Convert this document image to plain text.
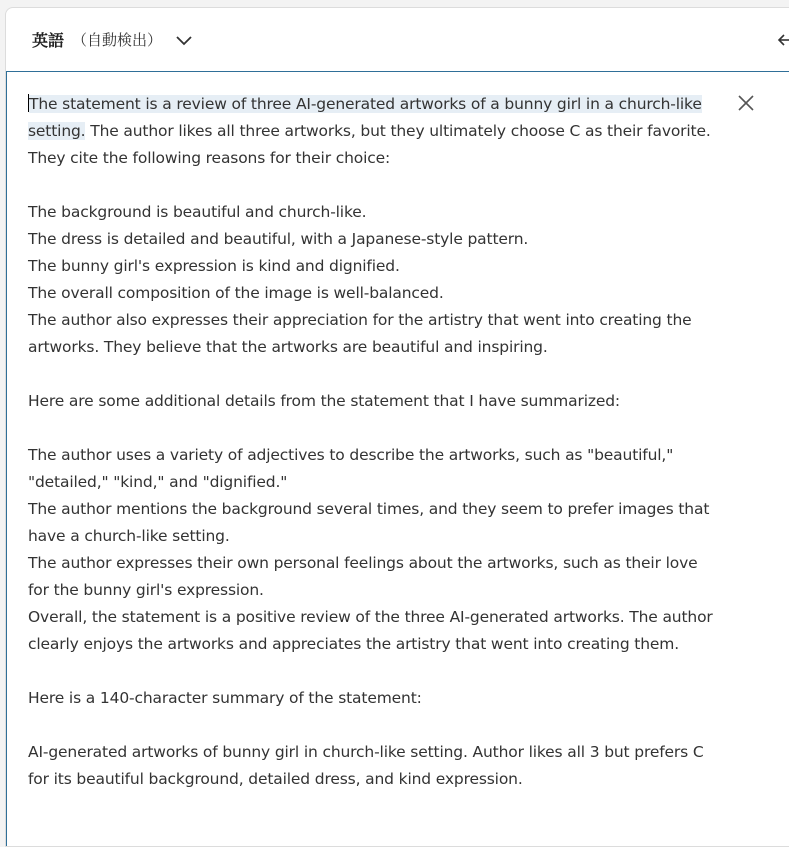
英語 （自動検出）

The statement is a review of three AI-generated artworks of a bunny girl in a church-like setting. The author likes all three artworks, but they ultimately choose C as their favorite. They cite the following reasons for their choice:

The background is beautiful and church-like.

The dress is detailed and beautiful, with a Japanese-style pattern.

The bunny girl's expression is kind and dignified.

The overall composition of the image is well-balanced.

The author also expresses their appreciation for the artistry that went into creating the artworks. They believe that the artworks are beautiful and inspiring.

Here are some additional details from the statement that I have summarized:

The author uses a variety of adjectives to describe the artworks, such as "beautiful," "detailed," "kind," and "dignified."

The author mentions the background several times, and they seem to prefer images that have a church-like setting.

The author expresses their own personal feelings about the artworks, such as their love for the bunny girl's expression.

Overall, the statement is a positive review of the three AI-generated artworks. The author clearly enjoys the artworks and appreciates the artistry that went into creating them.

Here is a 140-character summary of the statement:

AI-generated artworks of bunny girl in church-like setting. Author likes all 3 but prefers C for its beautiful background, detailed dress, and kind expression.
